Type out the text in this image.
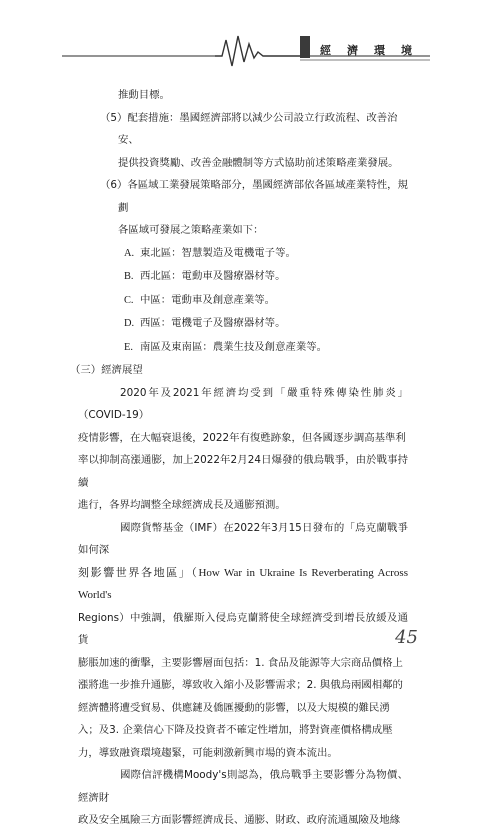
經濟環境

推動目標。

（5）配套措施：墨國經濟部將以減少公司設立行政流程、改善治安、

提供投資獎勵、改善金融體制等方式協助前述策略產業發展。

（6）各區域工業發展策略部分，墨國經濟部依各區域產業特性，規劃

各區域可發展之策略產業如下：

A. 東北區：智慧製造及電機電子等。

B. 西北區：電動車及醫療器材等。

C. 中區：電動車及創意產業等。

D. 西區：電機電子及醫療器材等。

E. 南區及東南區：農業生技及創意產業等。

（三）經濟展望

2020年及2021年經濟均受到「嚴重特殊傳染性肺炎」（COVID-19）

疫情影響，在大幅衰退後，2022年有復甦跡象，但各國逐步調高基準利

率以抑制高漲通膨，加上2022年2月24日爆發的俄烏戰爭，由於戰事持續

進行，各界均調整全球經濟成長及通膨預測。

國際貨幣基金（IMF）在2022年3月15日發布的「烏克蘭戰爭如何深

刻影響世界各地區」（How War in Ukraine Is Reverberating Across World's

Regions）中強調，俄羅斯入侵烏克蘭將使全球經濟受到增長放緩及通貨

膨脹加速的衝擊，主要影響層面包括：1. 食品及能源等大宗商品價格上

漲將進一步推升通膨，導致收入縮小及影響需求；2. 與俄烏兩國相鄰的

經濟體將遭受貿易、供應鏈及僑匯擾動的影響，以及大規模的難民湧

入；及3. 企業信心下降及投資者不確定性增加，將對資產價格構成壓

力，導致融資環境趨緊，可能刺激新興市場的資本流出。

國際信評機構Moody's則認為，俄烏戰爭主要影響分為物價、經濟財

政及安全風險三方面影響經濟成長、通膨、財政、政府流通風險及地緣

45
